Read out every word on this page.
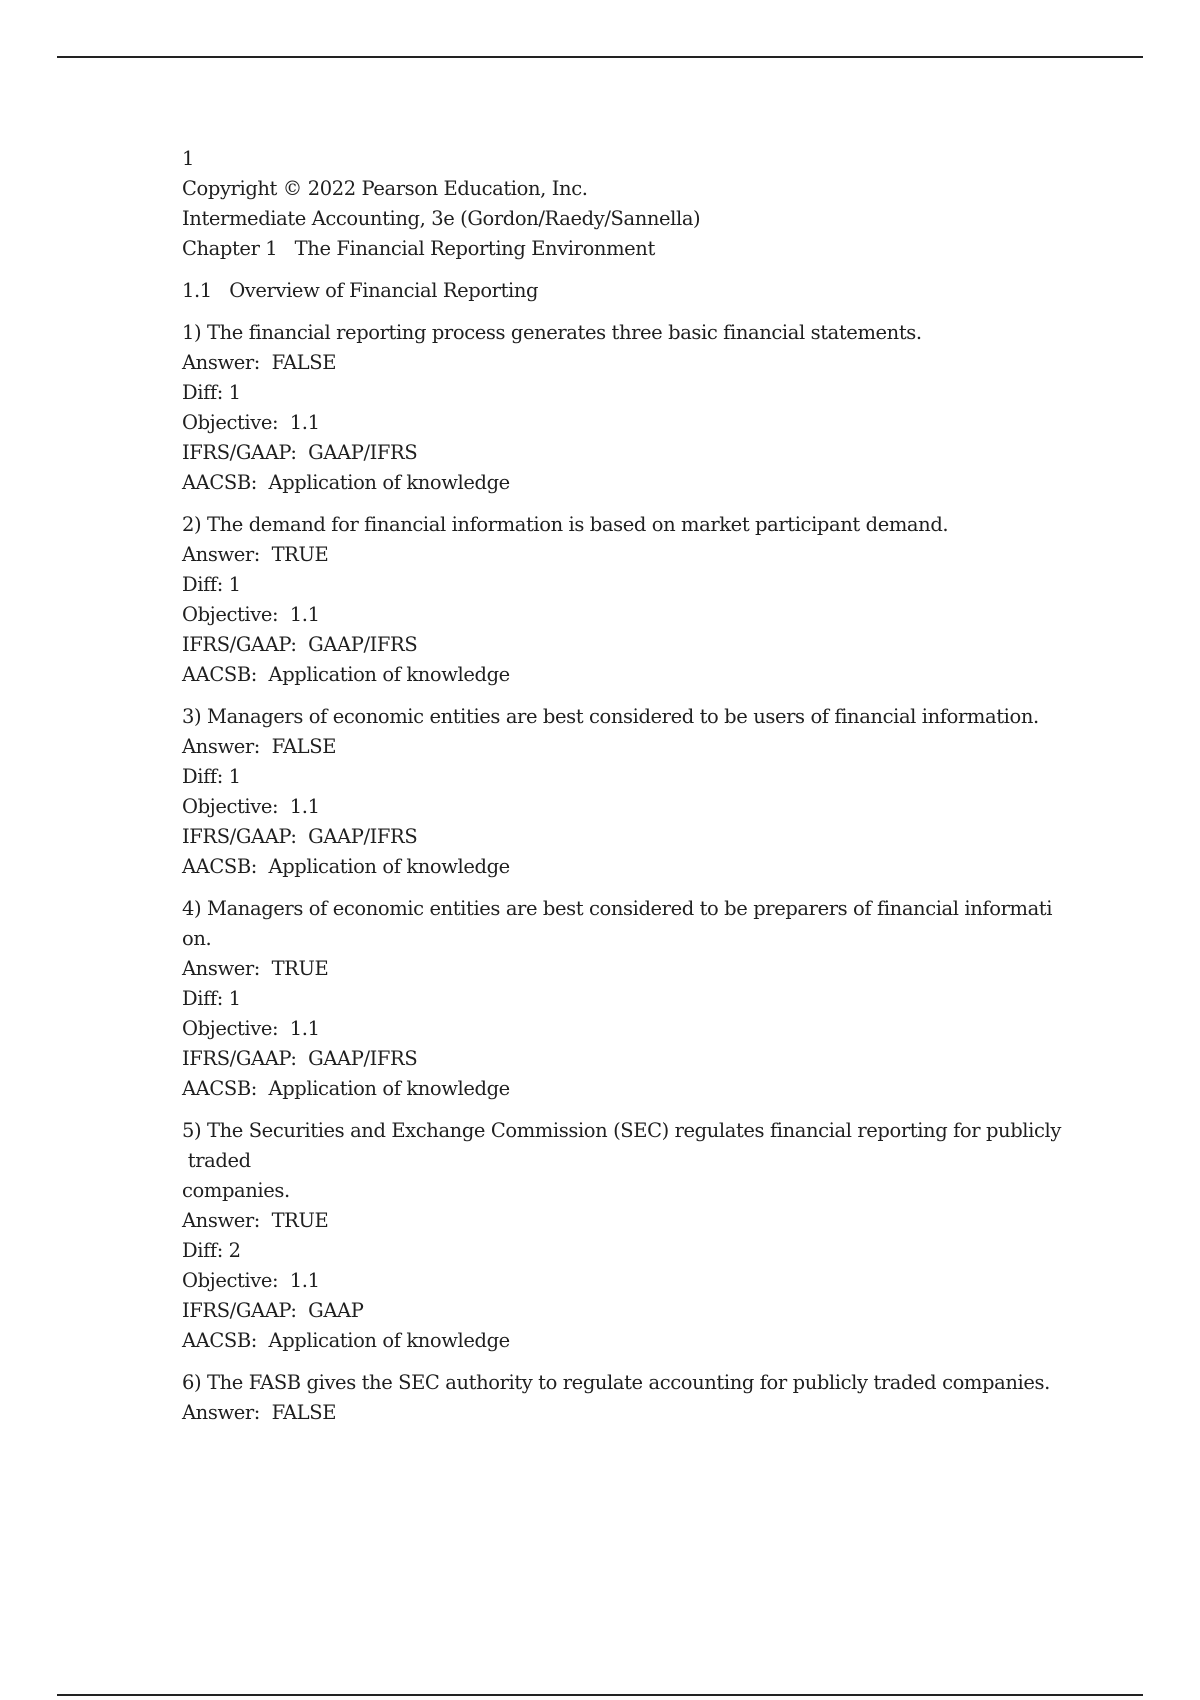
1

Copyright © 2022 Pearson Education, Inc.

Intermediate Accounting, 3e (Gordon/Raedy/Sannella)

Chapter 1   The Financial Reporting Environment

1.1   Overview of Financial Reporting

1) The financial reporting process generates three basic financial statements.

Answer:  FALSE

Diff: 1

Objective:  1.1

IFRS/GAAP:  GAAP/IFRS

AACSB:  Application of knowledge

2) The demand for financial information is based on market participant demand.

Answer:  TRUE

Diff: 1

Objective:  1.1

IFRS/GAAP:  GAAP/IFRS

AACSB:  Application of knowledge

3) Managers of economic entities are best considered to be users of financial information.

Answer:  FALSE

Diff: 1

Objective:  1.1

IFRS/GAAP:  GAAP/IFRS

AACSB:  Application of knowledge

4) Managers of economic entities are best considered to be preparers of financial informati

on.

Answer:  TRUE

Diff: 1

Objective:  1.1

IFRS/GAAP:  GAAP/IFRS

AACSB:  Application of knowledge

5) The Securities and Exchange Commission (SEC) regulates financial reporting for publicly

traded

companies.

Answer:  TRUE

Diff: 2

Objective:  1.1

IFRS/GAAP:  GAAP

AACSB:  Application of knowledge

6) The FASB gives the SEC authority to regulate accounting for publicly traded companies.

Answer:  FALSE
